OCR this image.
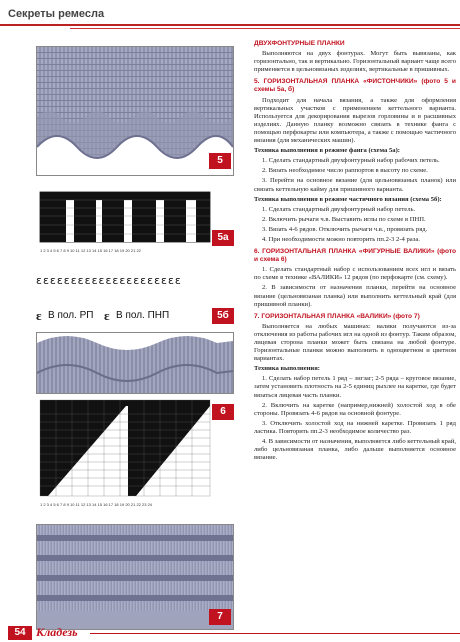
Секреты ремесла
5
1 2 3 4 5 6 7 8 9 10 11 12 13 14 15 16 17 18 19 20 21 22
5а
ɛɛɛɛɛɛɛɛɛɛɛɛɛɛɛɛɛɛɛɛɛ
ɛ В пол. РП ɛ В пол. ПНП	5б
1 2 3 4 5 6 7 8 9 10 11 12 13 14 15 16 17 18 19 20 21 22 23 24
6
7

ДВУХФОНТУРНЫЕ ПЛАНКИ

Выполняются на двух фонтурах. Могут быть вывязаны, как горизонтально, так и вертикально. Горизонтальный вариант чаще всего применяется в цельновязаных изделиях, вертикальные в пришивных.

5. ГОРИЗОНТАЛЬНАЯ ПЛАНКА «ФИСТОНЧИКИ» (фото 5 и схемы 5а, б)

Подходит для начала вязания, а также для оформления вертикальных участков с применением кеттельного варианта. Используется для декорирования вырезов горловины и в расшивных изделиях. Данную планку возможно связать в технике фанга с помощью перфокарты или компьютера, а также с помощью частичного вязания (для механических машин).

Техника выполнения в режиме фанга (схема 5а):

1. Сделать стандартный двухфонтурный набор рабочих петель.

2. Вязать необходимое число раппортов в высоту по схеме.

3. Перейти на основное вязание (для цельновязаных планок) или связать кеттельную кайму для пришивного варианта.

Техника выполнения в режиме частичного вязания (схема 5б):

1. Сделать стандартный двухфонтурный набор петель.

2. Включить рычаги ч.в. Выставить иглы по схеме в ПНП.

3. Вязать 4-6 рядов. Отключить рычаги ч.в., провязать ряд.

4. При необходимости можно повторить пп.2-3 2-4 раза.

6. ГОРИЗОНТАЛЬНАЯ ПЛАНКА «ФИГУРНЫЕ ВАЛИКИ» (фото и схема 6)

1. Сделать стандартный набор с использованием всех игл и вязать по схеме в технике «ВАЛИКИ» 12 рядов (по перфокарте (см. схему).

2. В зависимости от назначения планки, перейти на основное вязание (цельновязаная планка) или выполнить кеттельный край (для пришивной планки).

7. ГОРИЗОНТАЛЬНАЯ ПЛАНКА «ВАЛИКИ» (фото 7)

Выполняется на любых машинах: валики получаются из-за отключения из работы рабочих игл на одной из фонтур. Таким образом, лицевая сторона планки может быть связана на любой фонтуре. Горизонтальные планки можно выполнить в одноцветном и цветном вариантах.

Техника выполнения:

1. Сделать набор петель 1 ряд – зигзаг; 2-5 ряда – круговое вязание, затем установить плотность на 2-5 единиц рыхлее на каретке, где будет вязаться лицевая часть планки.

2. Включить на каретке (например,нижней) холостой ход в обе стороны. Провязать 4-6 рядов на основной фонтуре.

3. Отключить холостой ход на нижней каретке. Провязать 1 ряд ластика. Повторить пп.2-3 необходимое количество раз.

4. В зависимости от назначения, выполняется либо кеттельный край, либо цельновязаная планка, либо дальше выполняется основное вязание.

54 Кладезь
